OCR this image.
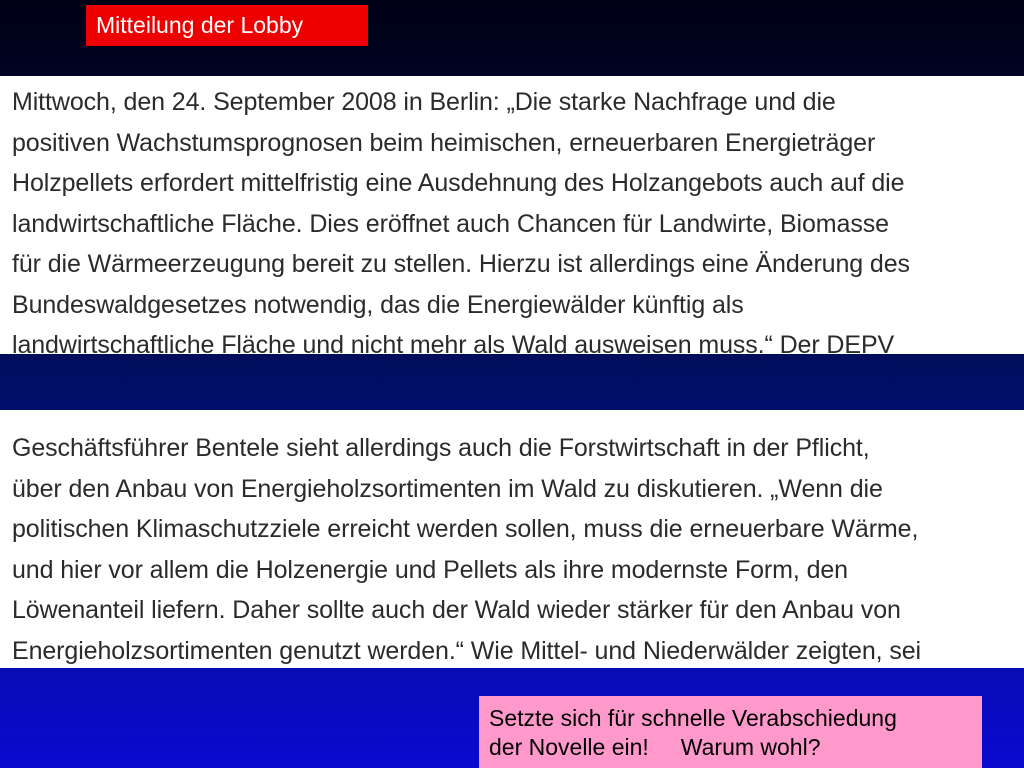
Mitteilung der Lobby
Mittwoch, den 24. September 2008 in Berlin: „Die starke Nachfrage und die
positiven Wachstumsprognosen beim heimischen, erneuerbaren Energieträger
Holzpellets erfordert mittelfristig eine Ausdehnung des Holzangebots auch auf die
landwirtschaftliche Fläche. Dies eröffnet auch Chancen für Landwirte, Biomasse
für die Wärmeerzeugung bereit zu stellen. Hierzu ist allerdings eine Änderung des
Bundeswaldgesetzes notwendig, das die Energiewälder künftig als
landwirtschaftliche Fläche und nicht mehr als Wald ausweisen muss.“ Der DEPV
Geschäftsführer Bentele sieht allerdings auch die Forstwirtschaft in der Pflicht,
über den Anbau von Energieholzsortimenten im Wald zu diskutieren. „Wenn die
politischen Klimaschutzziele erreicht werden sollen, muss die erneuerbare Wärme,
und hier vor allem die Holzenergie und Pellets als ihre modernste Form, den
Löwenanteil liefern. Daher sollte auch der Wald wieder stärker für den Anbau von
Energieholzsortimenten genutzt werden.“ Wie Mittel- und Niederwälder zeigten, sei
Setzte sich für schnelle Verabschiedung
der Novelle ein!     Warum wohl?
